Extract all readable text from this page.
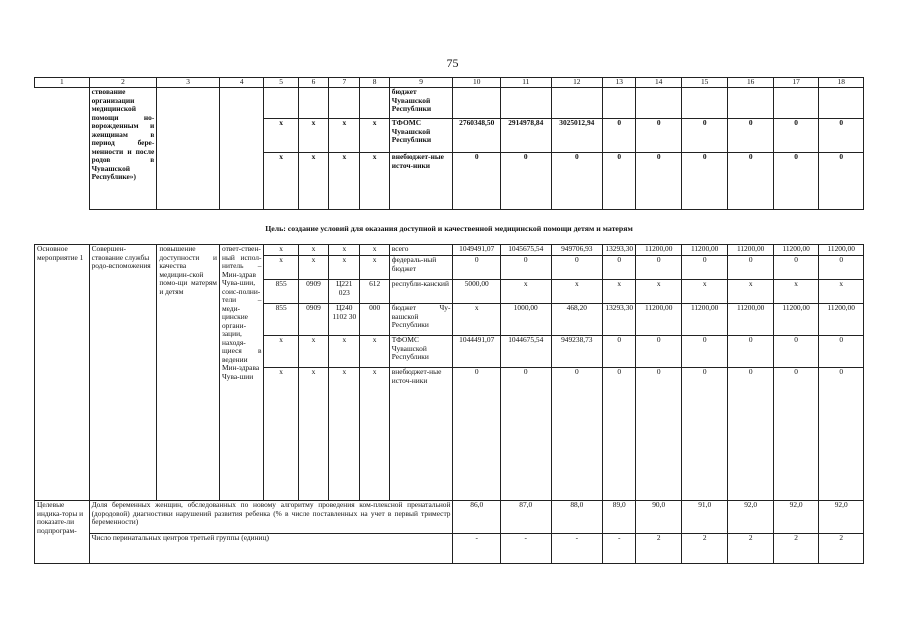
75
1	2	3	4	5	6	7	8	9	10	11	12	13	14	15	16	17	18
	ствование организации медицинской помощи но-ворожденным и женщинам в период бере-менности и после родов в Чувашской Республике»)							бюджет Чувашской Республики									
				х	х	х	х	ТФОМС Чувашской Республики	2760348,50	2914978,84	3025012,94	0	0	0	0	0	0
				х	х	х	х	внебюджет-ные источ-ники	0	0	0	0	0	0	0	0	0
Цель: создание условий для оказания доступной и качественной медицинской помощи детям и матерям
Основное мероприятие 1	Совершен-ствование службы родо-вспоможения	повышение доступности и качества медицин-ской помо-щи матерям и детям	ответ-ствен-ный испол-нитель – Мин-здрав Чува-шии, соис-полни-тели – меди-цинские органи-зации, находя-щиеся в ведении Мин-здрава Чува-шии	х	х	х	х	всего	1049491,07	1045675,54	949706,93	13293,30	11200,00	11200,00	11200,00	11200,00	11200,00
				х	х	х	х	федераль-ный бюджет	0	0	0	0	0	0	0	0	0
				855	0909	Ц221 023	612	республи-канский	5000,00	х	х	х	х	х	х	х	х
				855	0909	Ц240 1102 30	000	бюджет Чу-вашской Республики	х	1000,00	468,20	13293,30	11200,00	11200,00	11200,00	11200,00	11200,00
				х	х	х	х	ТФОМС Чувашской Республики	1044491,07	1044675,54	949238,73	0	0	0	0	0	0
				х	х	х	х	внебюджет-ные источ-ники	0	0	0	0	0	0	0	0	0
Целевые индика-торы и показате-ли подпрограм-	Доля беременных женщин, обследованных по новому алгоритму проведения ком-плексной пренатальной (дородовой) диагностики нарушений развития ребенка (% в числе поставленных на учет в первый триместр беременности)								86,0	87,0	88,0	89,0	90,0	91,0	92,0	92,0	92,0
	Число перинатальных центров третьей группы (единиц)								-	-	-	-	2	2	2	2	2
